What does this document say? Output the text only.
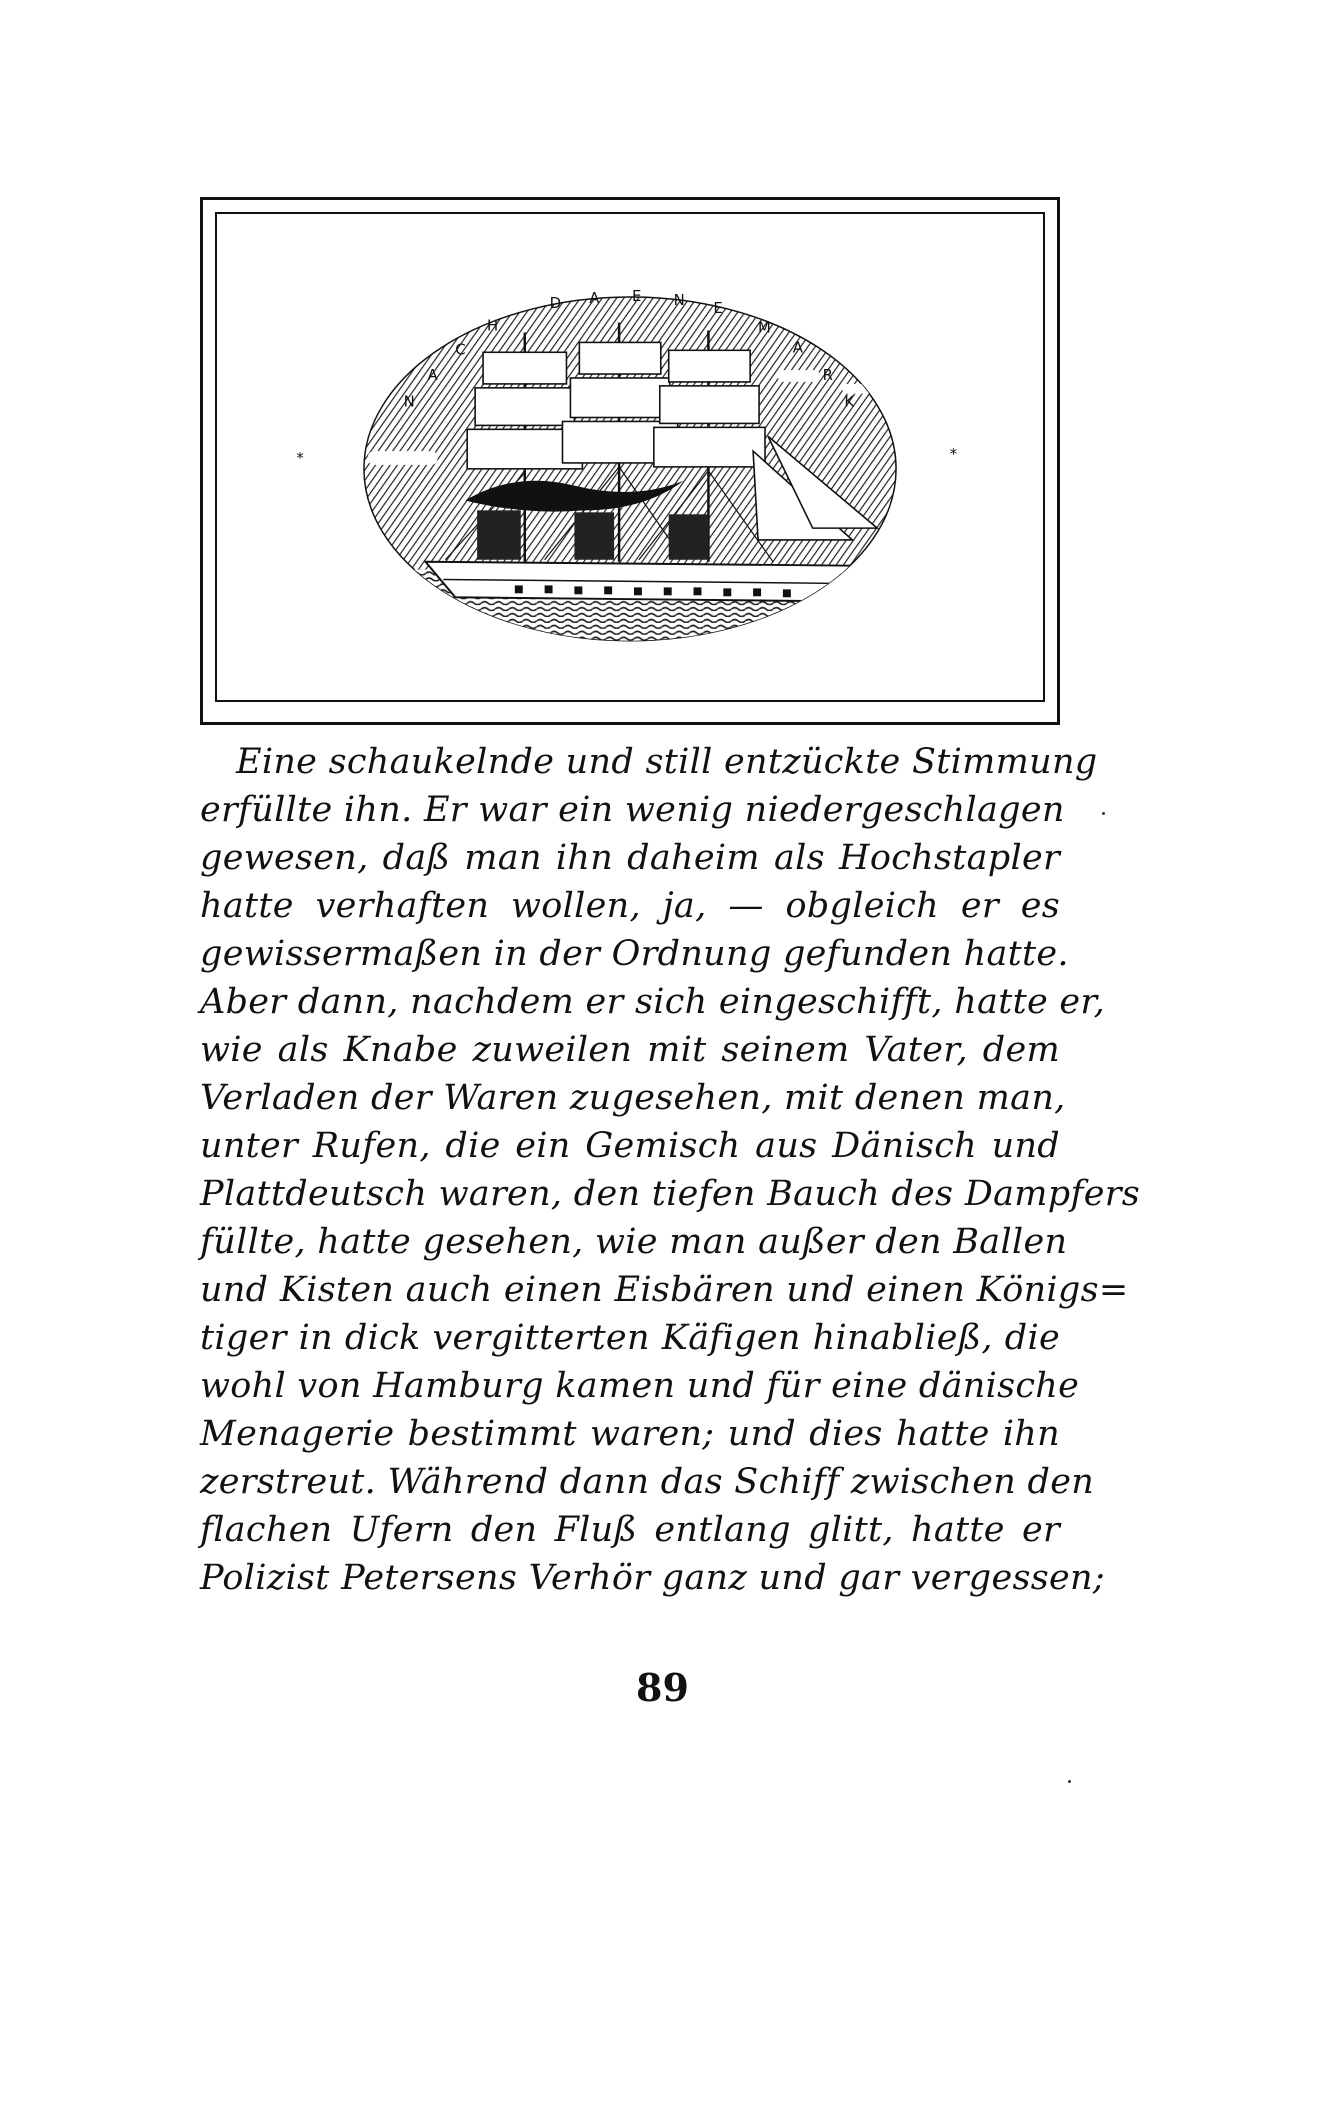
N
A
C
H
D A E N E
M
A
R
K
*	*
Eine schaukelnde und still entzückte Stimmung
erfüllte ihn. Er war ein wenig niedergeschlagen
gewesen, daß man ihn daheim als Hochstapler
hatte verhaften wollen, ja, — obgleich er es
gewissermaßen in der Ordnung gefunden hatte.
Aber dann, nachdem er sich eingeschifft, hatte er,
wie als Knabe zuweilen mit seinem Vater, dem
Verladen der Waren zugesehen, mit denen man,
unter Rufen, die ein Gemisch aus Dänisch und
Plattdeutsch waren, den tiefen Bauch des Dampfers
füllte, hatte gesehen, wie man außer den Ballen
und Kisten auch einen Eisbären und einen Königs=
tiger in dick vergitterten Käfigen hinabließ, die
wohl von Hamburg kamen und für eine dänische
Menagerie bestimmt waren; und dies hatte ihn
zerstreut. Während dann das Schiff zwischen den
flachen Ufern den Fluß entlang glitt, hatte er
Polizist Petersens Verhör ganz und gar vergessen;
89
